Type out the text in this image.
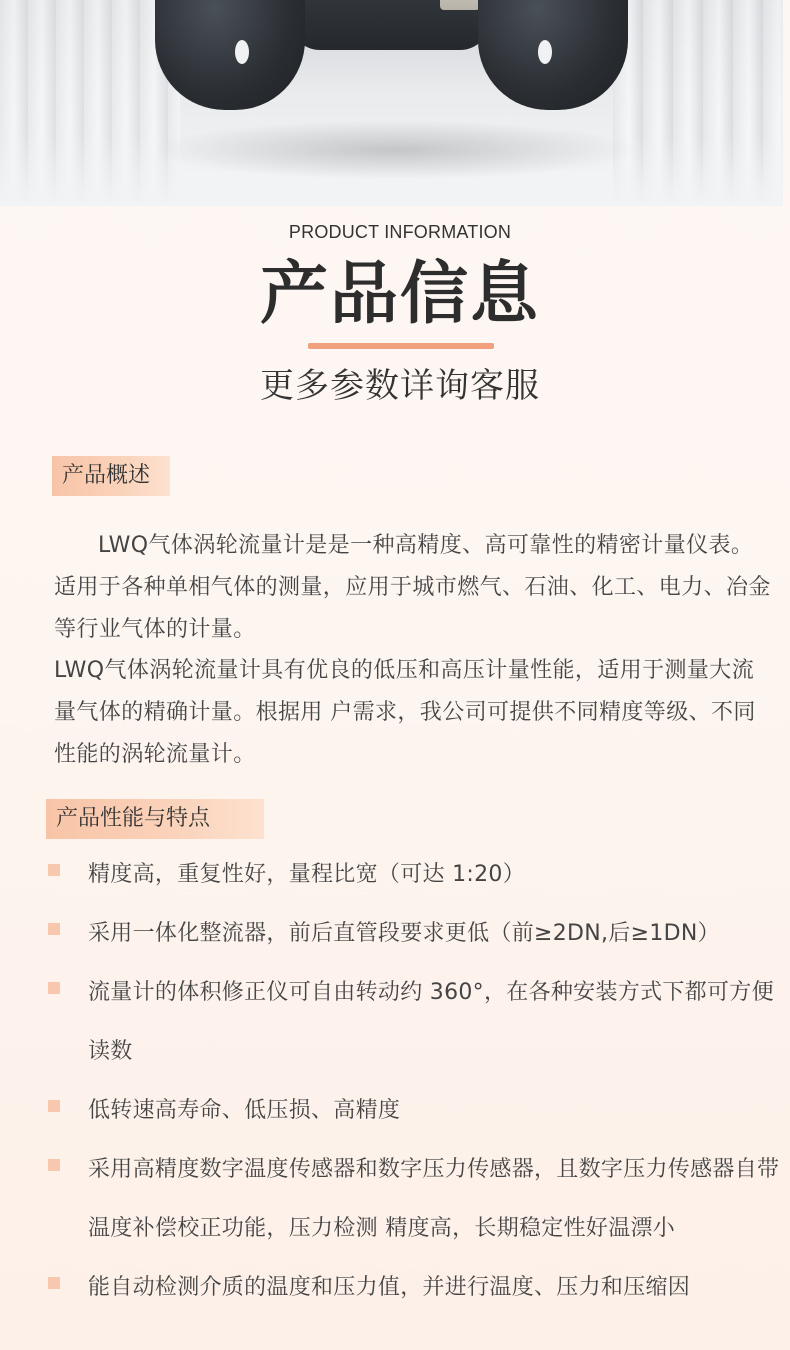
PRODUCT INFORMATION
产品信息
更多参数详询客服
产品概述

LWQ气体涡轮流量计是是一种高精度、高可靠性的精密计量仪表。适用于各种单相气体的测量，应用于城市燃气、石油、化工、电力、冶金等行业气体的计量。

LWQ气体涡轮流量计具有优良的低压和高压计量性能，适用于测量大流量气体的精确计量。根据用 户需求，我公司可提供不同精度等级、不同性能的涡轮流量计。

产品性能与特点
精度高，重复性好，量程比宽（可达 1:20）
采用一体化整流器，前后直管段要求更低（前≥2DN,后≥1DN）
流量计的体积修正仪可自由转动约 360°，在各种安装方式下都可方便读数
低转速高寿命、低压损、高精度
采用高精度数字温度传感器和数字压力传感器，且数字压力传感器自带温度补偿校正功能，压力检测 精度高，长期稳定性好温漂小
能自动检测介质的温度和压力值，并进行温度、压力和压缩因
